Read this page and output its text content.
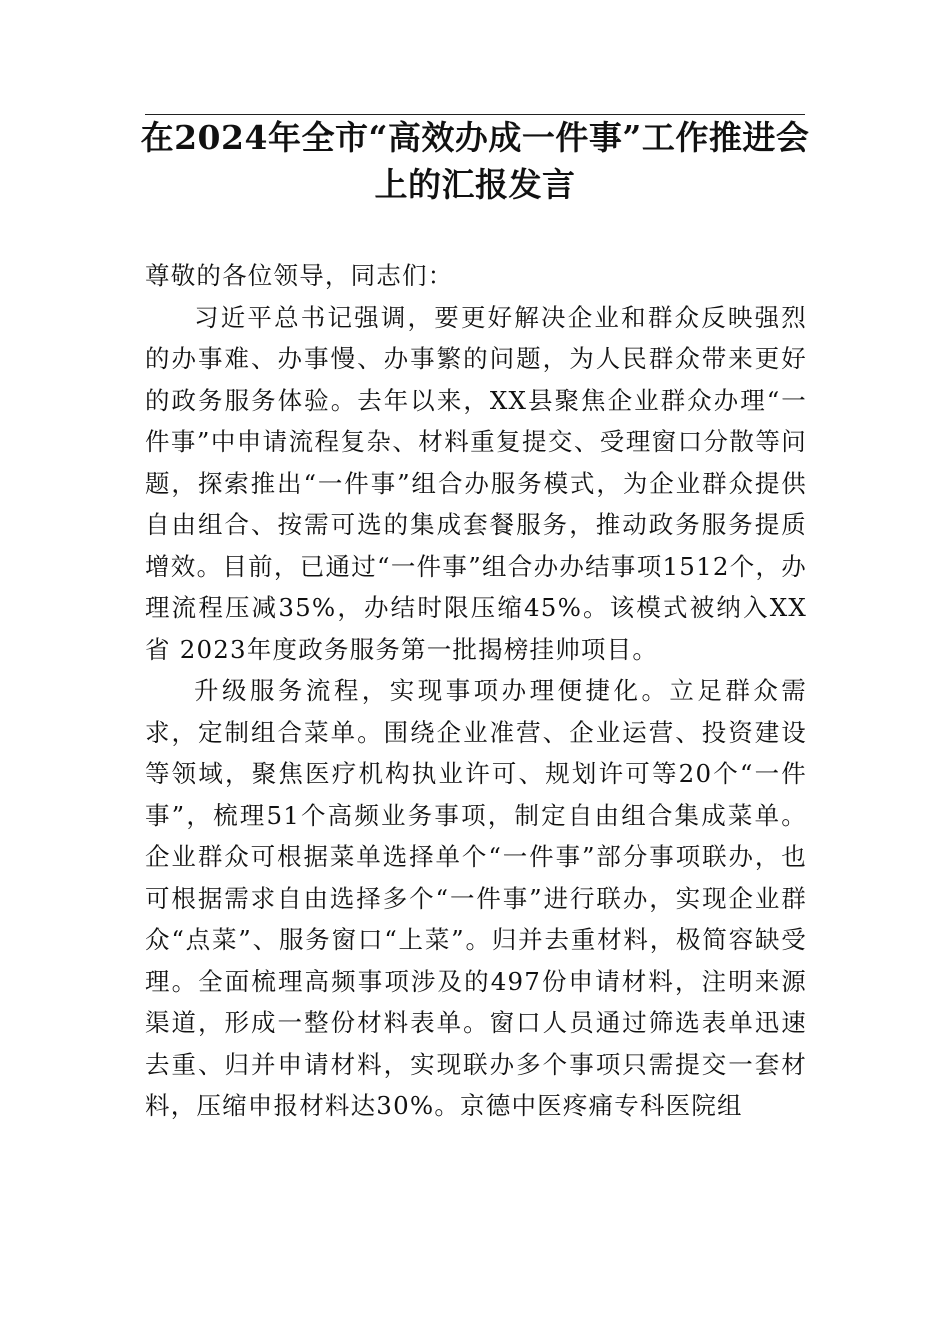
在2024年全市“高效办成一件事”工作推进会上的汇报发言

尊敬的各位领导，同志们：

习近平总书记强调，要更好解决企业和群众反映强烈的办事难、办事慢、办事繁的问题，为人民群众带来更好的政务服务体验。去年以来，XX县聚焦企业群众办理“一件事”中申请流程复杂、材料重复提交、受理窗口分散等问题，探索推出“一件事”组合办服务模式，为企业群众提供自由组合、按需可选的集成套餐服务，推动政务服务提质增效。目前，已通过“一件事”组合办办结事项1512个，办理流程压减35%，办结时限压缩45%。该模式被纳入XX省 2023年度政务服务第一批揭榜挂帅项目。

升级服务流程，实现事项办理便捷化。立足群众需求，定制组合菜单。围绕企业准营、企业运营、投资建设等领域，聚焦医疗机构执业许可、规划许可等20个“一件事”，梳理51个高频业务事项，制定自由组合集成菜单。企业群众可根据菜单选择单个“一件事”部分事项联办，也可根据需求自由选择多个“一件事”进行联办，实现企业群众“点菜”、服务窗口“上菜”。归并去重材料，极简容缺受理。全面梳理高频事项涉及的497份申请材料，注明来源渠道，形成一整份材料表单。窗口人员通过筛选表单迅速去重、归并申请材料，实现联办多个事项只需提交一套材料，压缩申报材料达30%。京德中医疼痛专科医院组
